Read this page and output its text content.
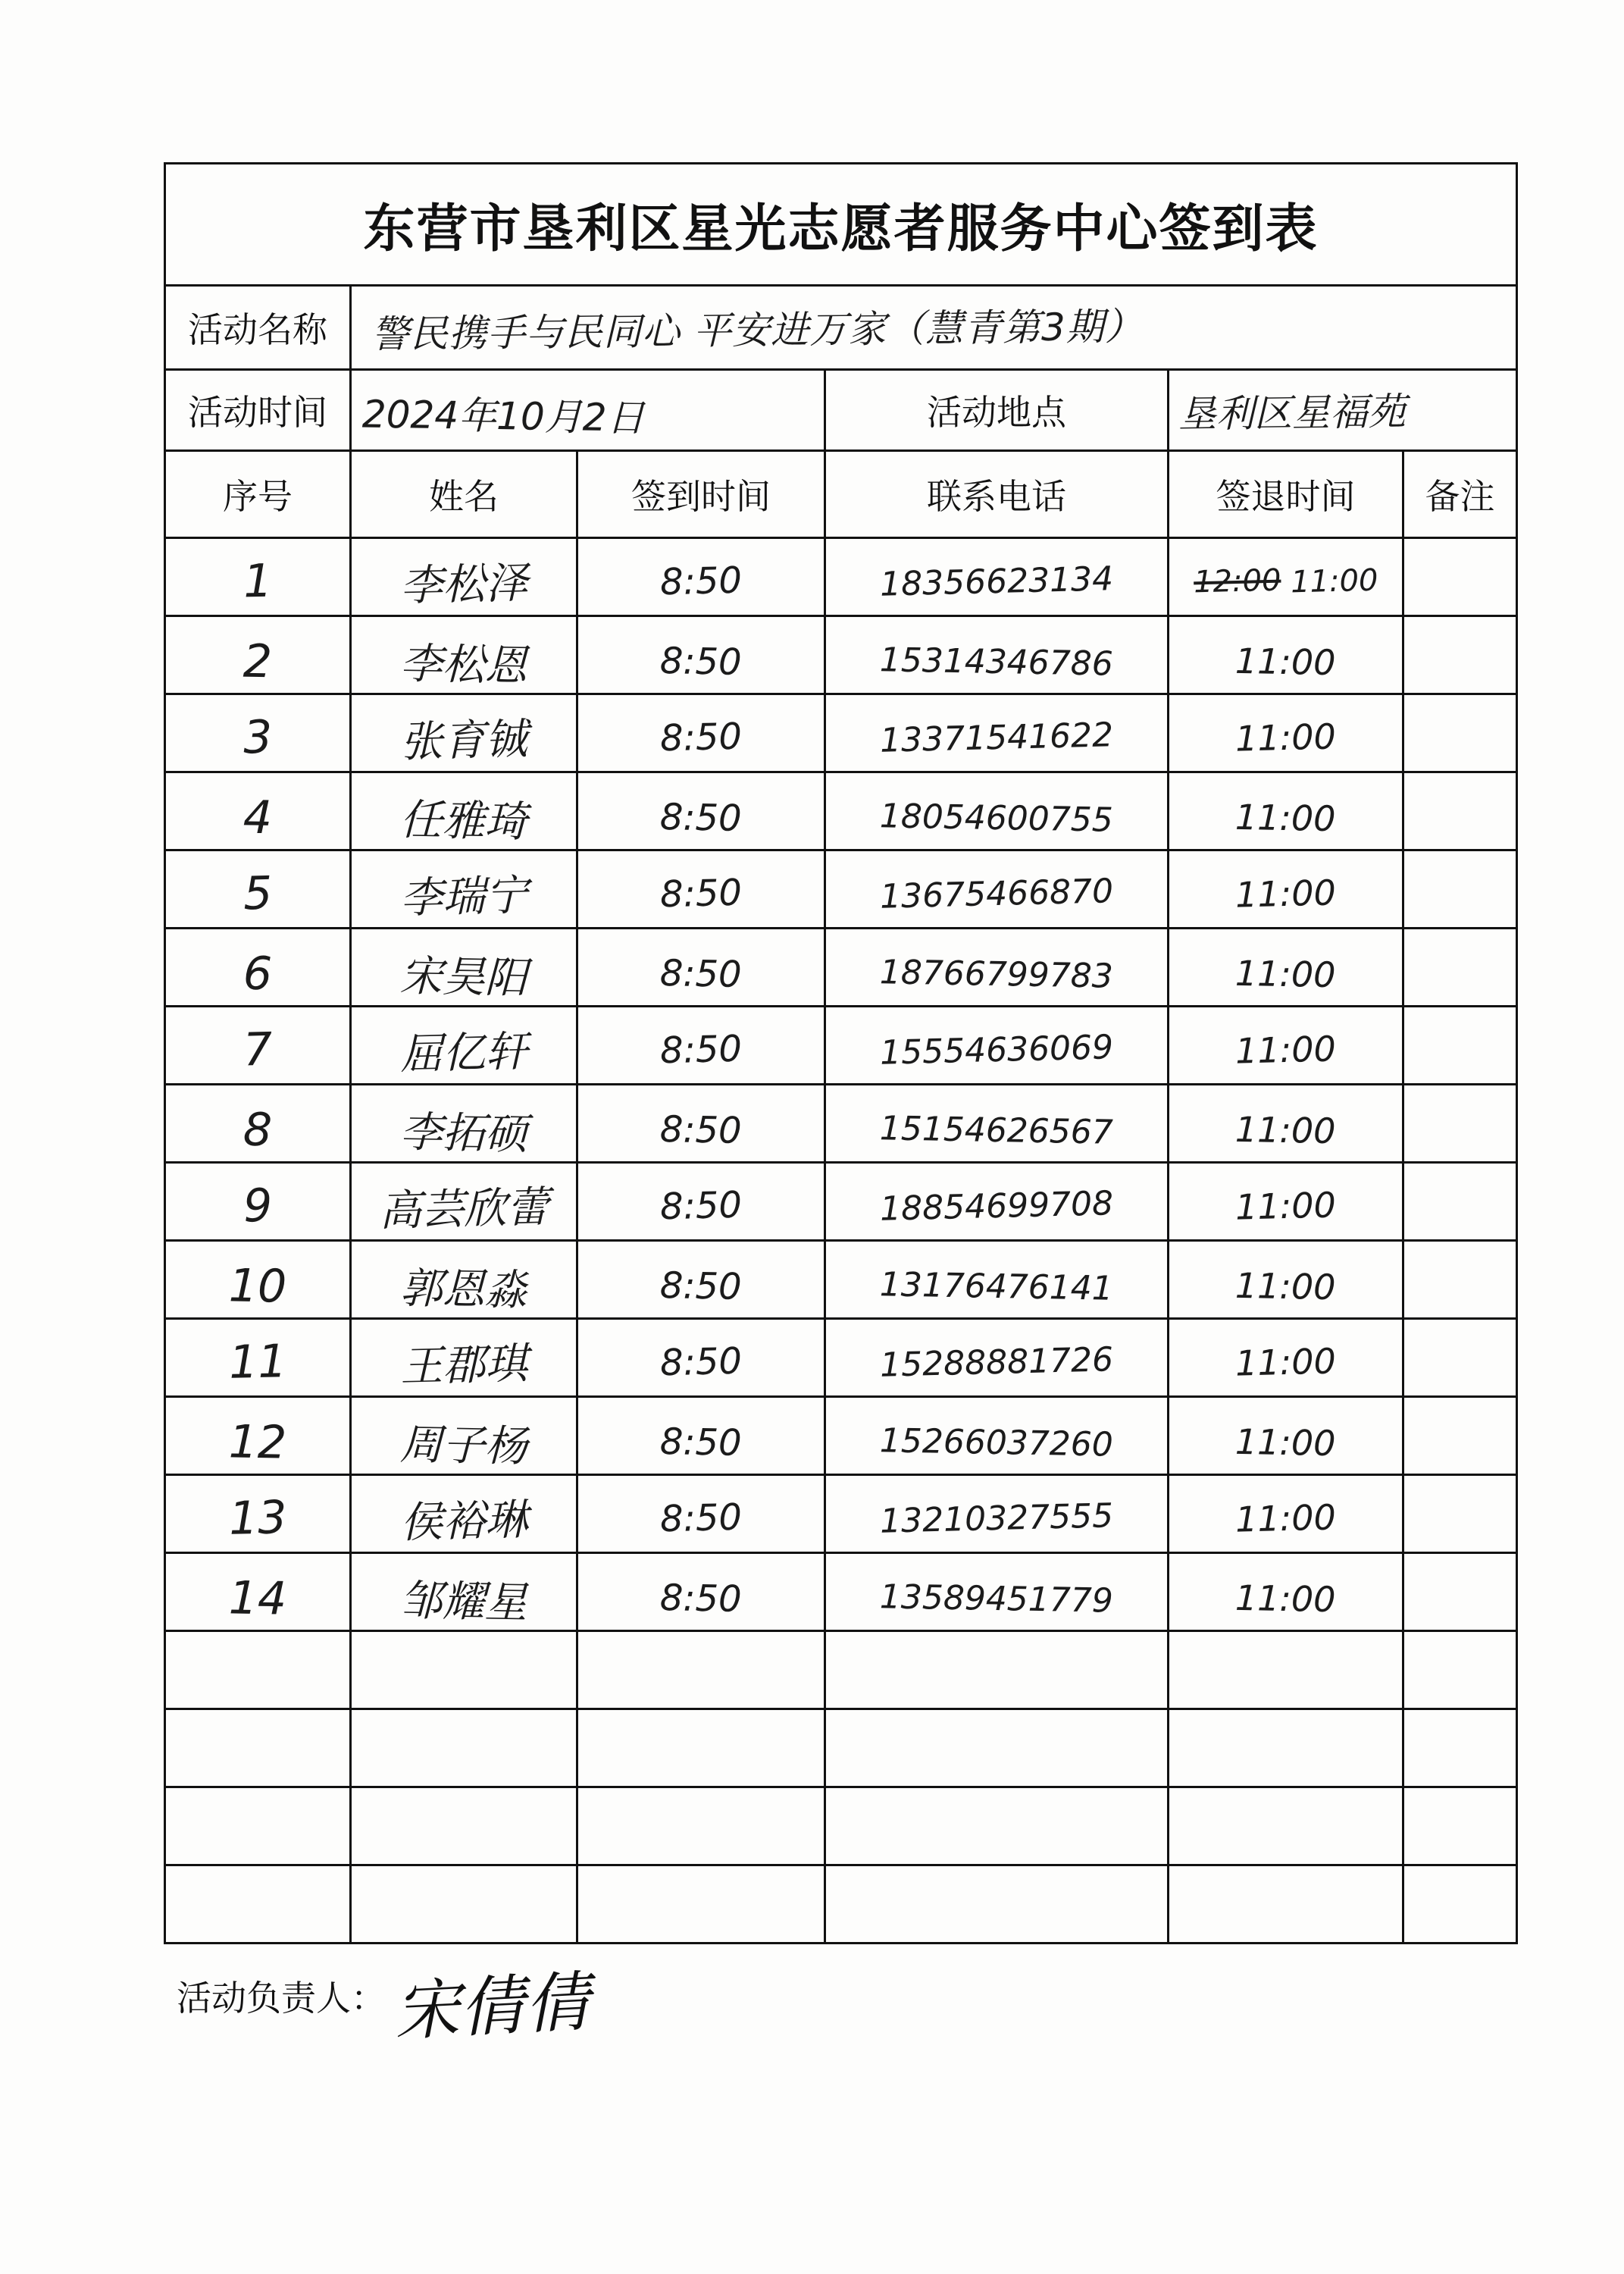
东营市垦利区星光志愿者服务中心签到表					
活动名称	警民携手与民同心 平安进万家（慧青第3期）				
活动时间	2024年10月2日		活动地点	垦利区星福苑	
序号	姓名	签到时间	联系电话	签退时间	备注
1	李松泽	8:50	18356623134	12:00 11:00	
2	李松恩	8:50	15314346786	11:00	
3	张育铖	8:50	13371541622	11:00	
4	任雅琦	8:50	18054600755	11:00	
5	李瑞宁	8:50	13675466870	11:00	
6	宋昊阳	8:50	18766799783	11:00	
7	屈亿轩	8:50	15554636069	11:00	
8	李拓硕	8:50	15154626567	11:00	
9	高芸欣蕾	8:50	18854699708	11:00	
10	郭恩淼	8:50	13176476141	11:00	
11	王郡琪	8:50	15288881726	11:00	
12	周子杨	8:50	15266037260	11:00	
13	侯裕琳	8:50	13210327555	11:00	
14	邹耀星	8:50	13589451779	11:00	

活动负责人： 宋倩倩
